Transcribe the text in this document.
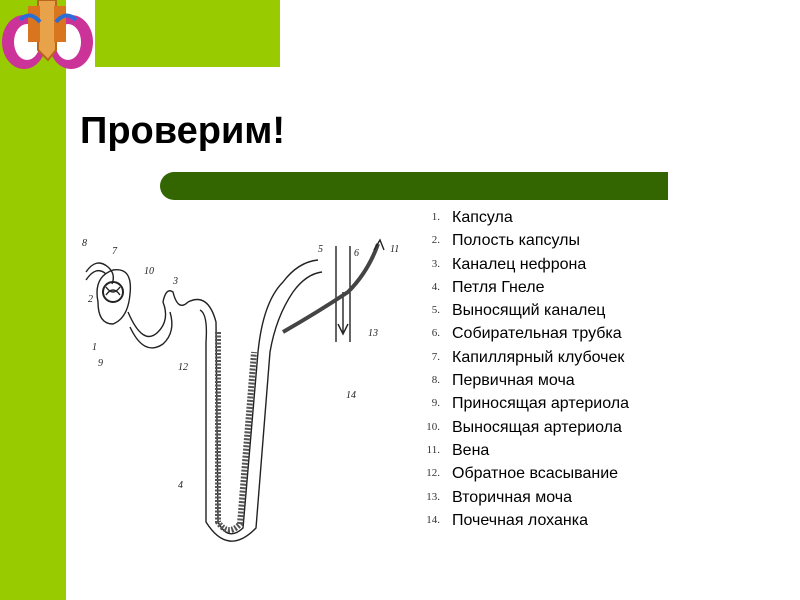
Проверим!
1
2
3
4
5	6
7
8
9
10
11
12
13
14
1. Капсула
2. Полость капсулы
3. Каналец нефрона
4. Петля Гнеле
5. Выносящий каналец
6. Собирательная трубка
7. Капиллярный клубочек
8. Первичная моча
9. Приносящая артериола
10. Выносящая артериола
11. Вена
12. Обратное всасывание
13. Вторичная моча
14. Почечная лоханка
